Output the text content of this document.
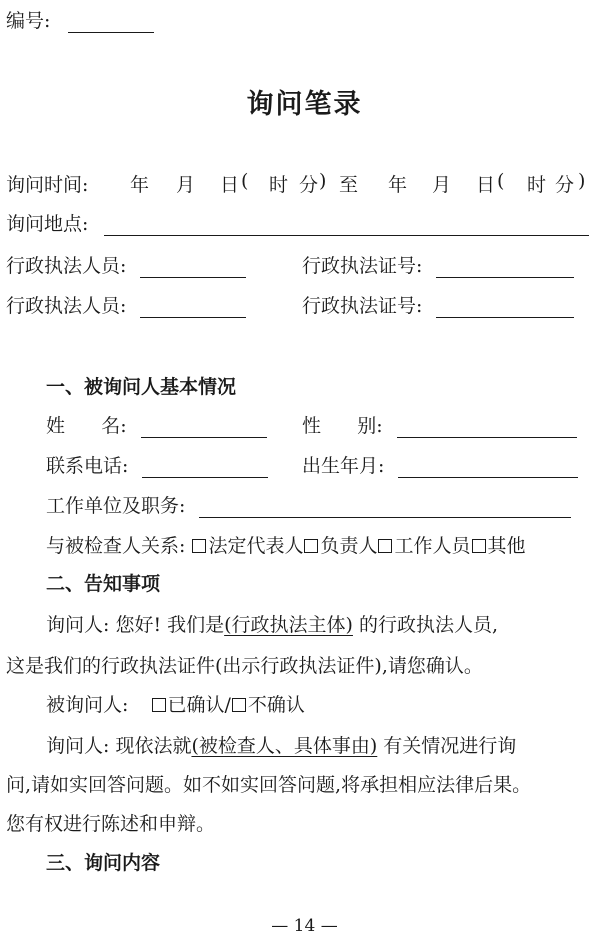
编号:
询问笔录
询问时间: 年 月 日 ( 时 分 ) 至 年 月 日 ( 时 分 )
询问地点:
行政执法人员:	行政执法证号:
行政执法人员:	行政执法证号:
一、被询问人基本情况
姓      名:	性      别:
联系电话:	出生年月:
工作单位及职务:
与被检查人关系: 法定代表人 负责人 工作人员 其他
二、告知事项
询问人: 您好! 我们是(行政执法主体) 的行政执法人员,
这是我们的行政执法证件(出示行政执法证件),请您确认。
被询问人: 已确认/ 不确认
询问人: 现依法就(被检查人、具体事由) 有关情况进行询
问,请如实回答问题。如不如实回答问题,将承担相应法律后果。
您有权进行陈述和申辩。
三、询问内容
— 14 —
